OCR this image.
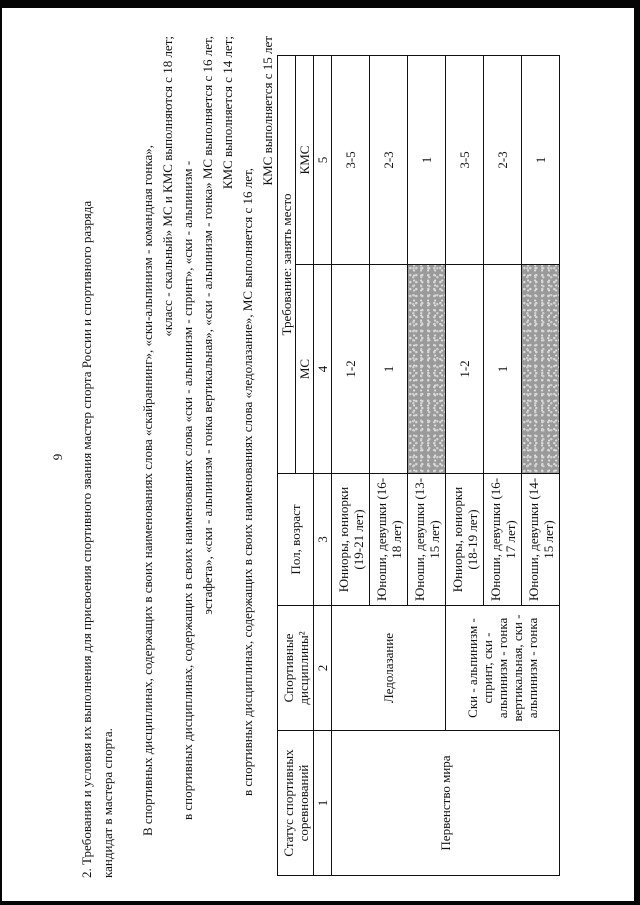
9 2. Требования и условия их выполнения для присвоения спортивного звания мастер спорта России и спортивного разряда кандидат в мастера спорта. В спортивных дисциплинах, содержащих в своих наименованиях слова «скайраннинг», «ски-альпинизм - командная гонка», «класс - скальный» МС и КМС выполняются с 18 лет; в спортивных дисциплинах, содержащих в своих наименованиях слова «ски - альпинизм - спринт», «ски - альпинизм - эстафета», «ски - альпинизм - гонка вертикальная», «ски - альпинизм - гонка» МС выполняется с 16 лет, КМС выполняется с 14 лет;
в спортивных дисциплинах, содержащих в своих наименованиях слова «ледолазание», МС выполняется с 16 лет,
КМС выполняется с 15 лет
Статус спортивных соревнований	Спортивные дисциплины²	Пол, возраст	Требование: занять место	
			МС	КМС
1	2	3	4	5
Первенство мира	Ледолазание	Юниоры, юниорки (19-21 лет)	1-2	3-5
		Юноши, девушки (16-18 лет)	1	2-3
		Юноши, девушки (13-15 лет)		1
	Ски - альпинизм - спринт, ски - альпинизм - гонка вертикальная, ски - альпинизм - гонка	Юниоры, юниорки (18-19 лет)	1-2	3-5
		Юноши, девушки (16-17 лет)	1	2-3
		Юноши, девушки (14-15 лет)		1
